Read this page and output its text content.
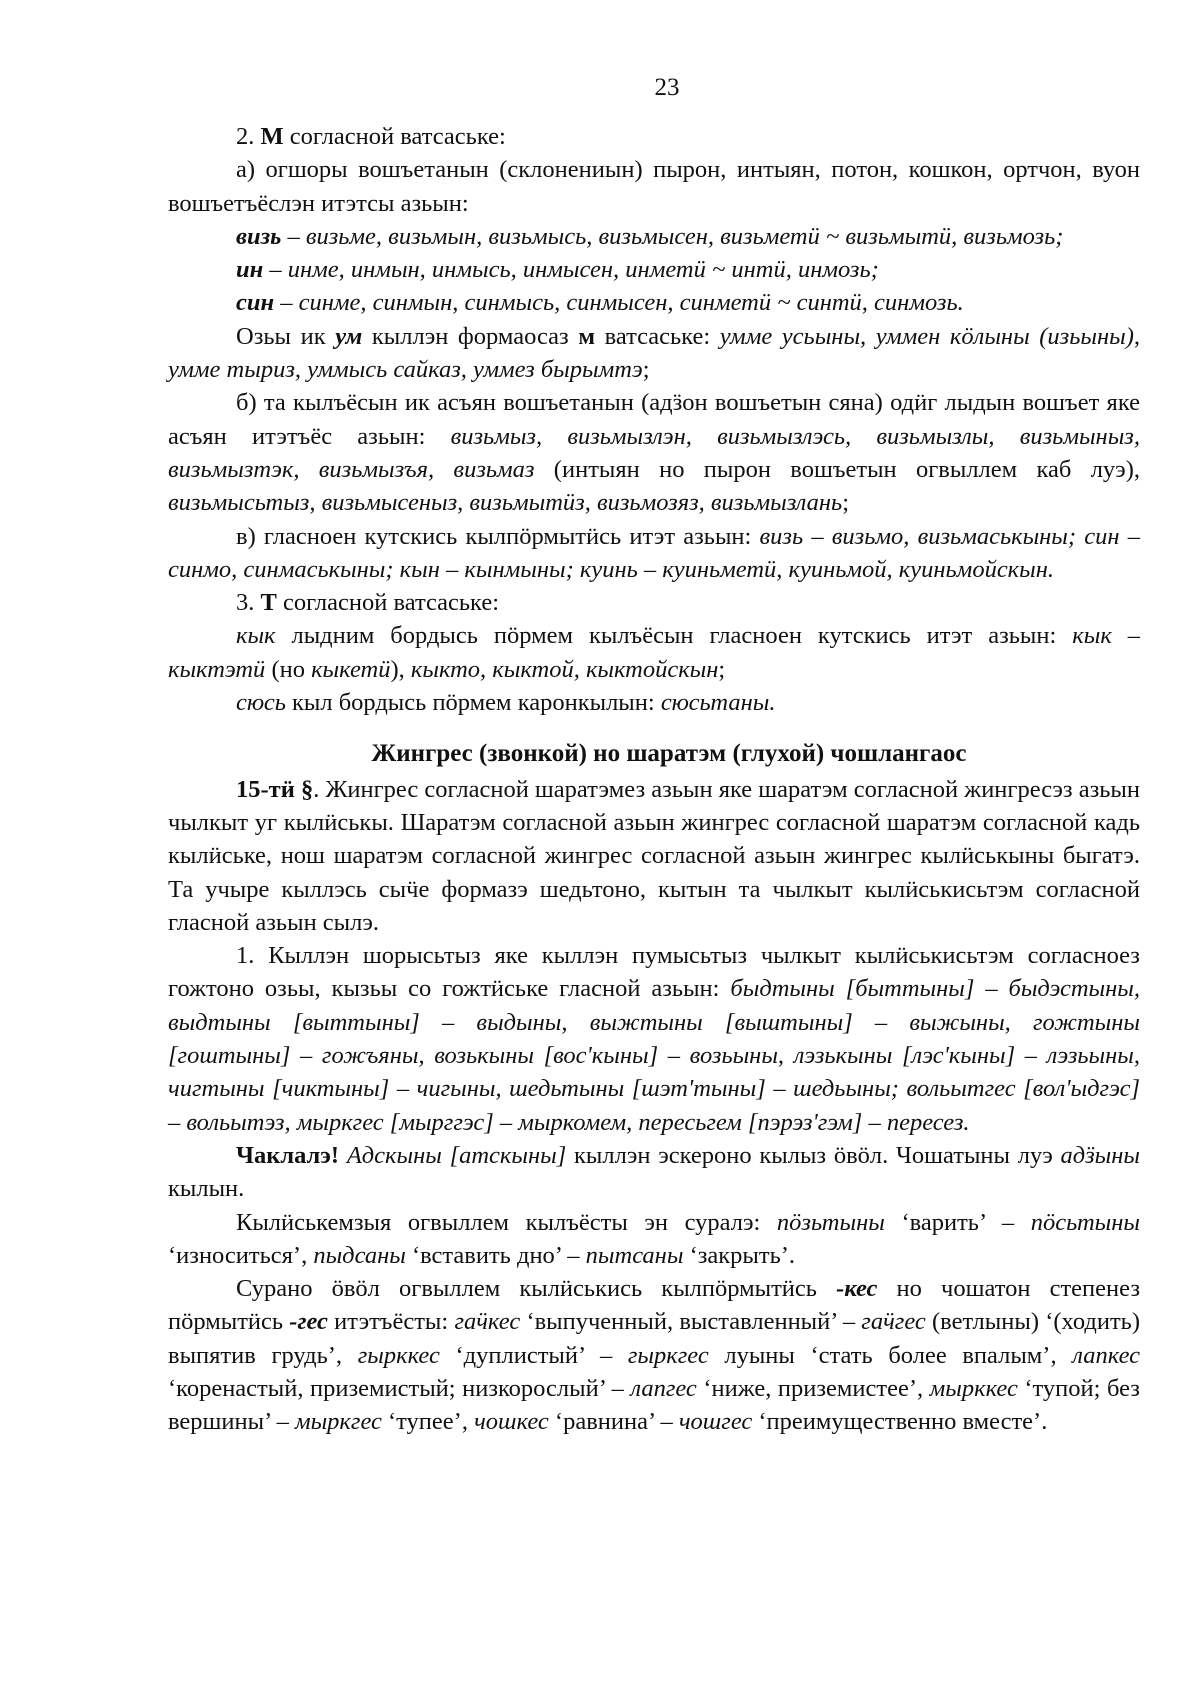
23

2. М согласной ватсаське:

а) огшоры вошъетанын (склонениын) пырон, интыян, потон, кошкон, ортчон, вуон вошъетъёслэн итэтсы азьын:

визь – визьме, визьмын, визьмысь, визьмысен, визьметӥ ~ визьмытӥ, визьмозь;

ин – инме, инмын, инмысь, инмысен, инметӥ ~ интӥ, инмозь;

син – синме, синмын, синмысь, синмысен, синметӥ ~ синтӥ, синмозь.

Озьы ик ум кыллэн формаосаз м ватсаське: умме усьыны, уммен кӧлыны (изьыны), умме тыриз, уммысь сайказ, уммез бырымтэ;

б) та кылъёсын ик асъян вошъетанын (адӟон вошъетын сяна) одӥг лыдын вошъет яке асъян итэтъёс азьын: визьмыз, визьмызлэн, визьмызлэсь, визьмызлы, визьмыныз, визьмызтэк, визьмызъя, визьмаз (интыян но пырон вошъетын огвыллем каб луэ), визьмысьтыз, визьмысеныз, визьмытӥз, визьмозяз, визьмызлань;

в) гласноен кутскись кылпӧрмытӥсь итэт азьын: визь – визьмо, визьмаськыны; син – синмо, синмаськыны; кын – кынмыны; куинь – куиньметӥ, куиньмой, куиньмойскын.

3. Т согласной ватсаське:

кык лыдним бордысь пӧрмем кылъёсын гласноен кутскись итэт азьын: кык – кыктэтӥ (но кыкетӥ), кыкто, кыктой, кыктойскын;

сюсь кыл бордысь пӧрмем каронкылын: сюсьтаны.

Жингрес (звонкой) но шаратэм (глухой) чошлангаос

15-тӥ §. Жингрес согласной шаратэмез азьын яке шаратэм согласной жингресэз азьын чылкыт уг кылӥськы. Шаратэм согласной азьын жингрес согласной шаратэм согласной кадь кылӥське, нош шаратэм согласной жингрес согласной азьын жингрес кылӥськыны быгатэ. Та учыре кыллэсь сыӵе формазэ шедьтоно, кытын та чылкыт кылӥськисьтэм согласной гласной азьын сылэ.

1. Кыллэн шорысьтыз яке кыллэн пумысьтыз чылкыт кылӥськисьтэм согласноез гожтоно озьы, кызьы со гожтӥське гласной азьын: быдтыны [быттыны] – быдэстыны, выдтыны [выттыны] – выдыны, выжтыны [выштыны] – выжыны, гожтыны [гоштыны] – гожъяны, возькыны [вос'кыны] – возьыны, лэзькыны [лэс'кыны] – лэзьыны, чигтыны [чиктыны] – чигыны, шедьтыны [шэт'тыны] – шедьыны; вольытгес [вол'ыдгэс] – вольытэз, мыркгес [мырггэс] – мыркомем, пересьгем [пэрэз'гэм] – пересез.

Чаклалэ! Адскыны [атскыны] кыллэн эскероно кылыз ӧвӧл. Чошатыны луэ адӟыны кылын.

Кылӥськемзыя огвыллем кылъёсты эн суралэ: пӧзьтыны ‘варить’ – пӧсьтыны ‘износиться’, пыдсаны ‘вставить дно’ – пытсаны ‘закрыть’.

Сурано ӧвӧл огвыллем кылӥськись кылпӧрмытӥсь -кес но чошатон степенез пӧрмытӥсь -гес итэтъёсты: гаӵкес ‘выпученный, выставленный’ – гаӵгес (ветлыны) ‘(ходить) выпятив грудь’, гырккес ‘дуплистый’ – гыркгес луыны ‘стать более впалым’, лапкес ‘коренастый, приземистый; низкорослый’ – лапгес ‘ниже, приземистее’, мырккес ‘тупой; без вершины’ – мыркгес ‘тупее’, чошкес ‘равнина’ – чошгес ‘преимущественно вместе’.
